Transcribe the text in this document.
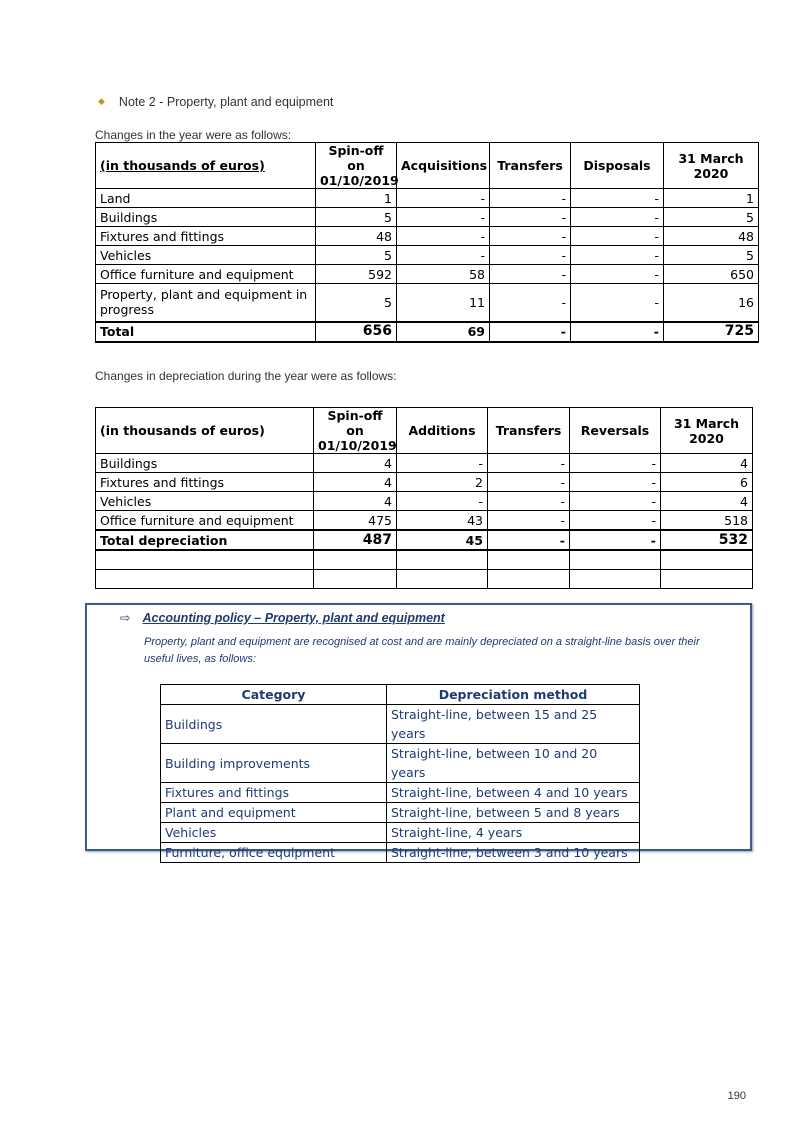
◆ Note 2 - Property, plant and equipment
Changes in the year were as follows:
(in thousands of euros)	Spin-off on 01/10/2019	Acquisitions	Transfers	Disposals	31 March 2020
Land	1	-	-	-	1
Buildings	5	-	-	-	5
Fixtures and fittings	48	-	-	-	48
Vehicles	5	-	-	-	5
Office furniture and equipment	592	58	-	-	650
Property, plant and equipment in progress	5	11	-	-	16
Total	656	69	-	-	725
Changes in depreciation during the year were as follows:
(in thousands of euros)	Spin-off on 01/10/2019	Additions	Transfers	Reversals	31 March 2020
Buildings	4	-	-	-	4
Fixtures and fittings	4	2	-	-	6
Vehicles	4	-	-	-	4
Office furniture and equipment	475	43	-	-	518
Total depreciation	487	45	-	-	532

⇨ Accounting policy – Property, plant and equipment
Property, plant and equipment are recognised at cost and are mainly depreciated on a straight-line basis over their useful lives, as follows:
Category	Depreciation method
Buildings	Straight-line, between 15 and 25 years
Building improvements	Straight-line, between 10 and 20 years
Fixtures and fittings	Straight-line, between 4 and 10 years
Plant and equipment	Straight-line, between 5 and 8 years
Vehicles	Straight-line, 4 years
Furniture, office equipment	Straight-line, between 3 and 10 years
190
